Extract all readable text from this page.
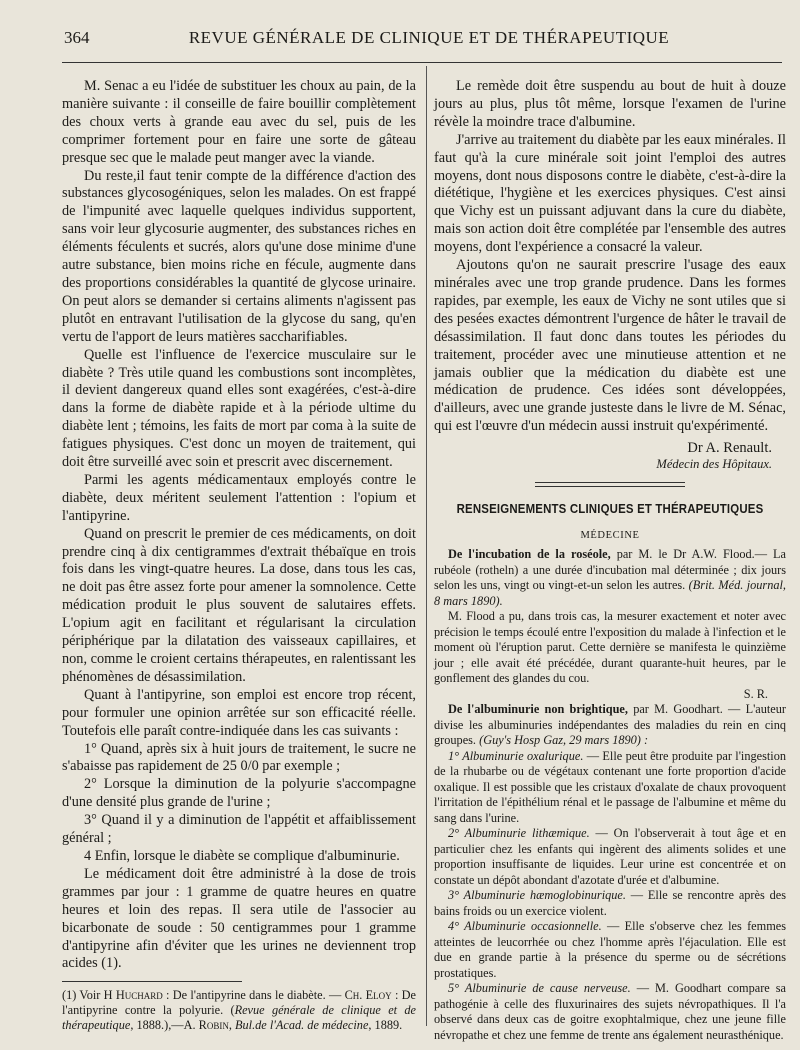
364	REVUE GÉNÉRALE DE CLINIQUE ET DE THÉRAPEUTIQUE

M. Senac a eu l'idée de substituer les choux au pain, de la manière suivante : il conseille de faire bouillir complètement des choux verts à grande eau avec du sel, puis de les comprimer fortement pour en faire une sorte de gâteau presque sec que le malade peut manger avec la viande.

Du reste,il faut tenir compte de la différence d'action des substances glycosogéniques, selon les malades. On est frappé de l'impunité avec laquelle quelques individus supportent, sans voir leur glycosurie augmenter, des substances riches en éléments féculents et sucrés, alors qu'une dose minime d'une autre substance, bien moins riche en fécule, augmente dans des proportions considérables la quantité de glycose urinaire. On peut alors se demander si certains aliments n'agissent pas plutôt en entravant l'utilisation de la glycose du sang, qu'en vertu de l'apport de leurs matières saccharifiables.

Quelle est l'influence de l'exercice musculaire sur le diabète ? Très utile quand les combustions sont incomplètes, il devient dangereux quand elles sont exagérées, c'est-à-dire dans la forme de diabète rapide et à la période ultime du diabète lent ; témoins, les faits de mort par coma à la suite de fatigues physiques. C'est donc un moyen de traitement, qui doit être surveillé avec soin et prescrit avec discernement.

Parmi les agents médicamentaux employés contre le diabète, deux méritent seulement l'attention : l'opium et l'antipyrine.

Quand on prescrit le premier de ces médicaments, on doit prendre cinq à dix centigrammes d'extrait thébaïque en trois fois dans les vingt-quatre heures. La dose, dans tous les cas, ne doit pas être assez forte pour amener la somnolence. Cette médication produit le plus souvent de salutaires effets. L'opium agit en facilitant et régularisant la circulation périphérique par la dilatation des vaisseaux capillaires, et non, comme le croient certains thérapeutes, en ralentissant les phénomènes de désassimilation.

Quant à l'antipyrine, son emploi est encore trop récent, pour formuler une opinion arrêtée sur son efficacité réelle. Toutefois elle paraît contre-indiquée dans les cas suivants :

1° Quand, après six à huit jours de traitement, le sucre ne s'abaisse pas rapidement de 25 0/0 par exemple ;

2° Lorsque la diminution de la polyurie s'accompagne d'une densité plus grande de l'urine ;

3° Quand il y a diminution de l'appétit et affaiblissement général ;

4 Enfin, lorsque le diabète se complique d'albuminurie.

Le médicament doit être administré à la dose de trois grammes par jour : 1 gramme de quatre heures en quatre heures et loin des repas. Il sera utile de l'associer au bicarbonate de soude : 50 centigrammes pour 1 gramme d'antipyrine afin d'éviter que les urines ne deviennent trop acides (1).

(1) Voir H Huchard : De l'antipyrine dans le diabète. — Ch. Eloy : De l'antipyrine contre la polyurie. (Revue générale de clinique et de thérapeutique, 1888.),—A. Robin, Bul.de l'Acad. de médecine, 1889.

Le remède doit être suspendu au bout de huit à douze jours au plus, plus tôt même, lorsque l'examen de l'urine révèle la moindre trace d'albumine.

J'arrive au traitement du diabète par les eaux minérales. Il faut qu'à la cure minérale soit joint l'emploi des autres moyens, dont nous disposons contre le diabète, c'est-à-dire la diététique, l'hygiène et les exercices physiques. C'est ainsi que Vichy est un puissant adjuvant dans la cure du diabète, mais son action doit être complétée par l'ensemble des autres moyens, dont l'expérience a consacré la valeur.

Ajoutons qu'on ne saurait prescrire l'usage des eaux minérales avec une trop grande prudence. Dans les formes rapides, par exemple, les eaux de Vichy ne sont utiles que si des pesées exactes démontrent l'urgence de hâter le travail de désassimilation. Il faut donc dans toutes les périodes du traitement, procéder avec une minutieuse attention et ne jamais oublier que la médication du diabète est une médication de prudence. Ces idées sont développées, d'ailleurs, avec une grande justeste dans le livre de M. Sénac, qui est l'œuvre d'un médecin aussi instruit qu'expérimenté.

Dr A. Renault.
Médecin des Hôpitaux.
RENSEIGNEMENTS CLINIQUES ET THÉRAPEUTIQUES
MÉDECINE

De l'incubation de la roséole, par M. le Dr A.W. Flood.— La rubéole (rotheln) a une durée d'incubation mal déterminée ; dix jours selon les uns, vingt ou vingt-et-un selon les autres. (Brit. Méd. journal, 8 mars 1890).

M. Flood a pu, dans trois cas, la mesurer exactement et noter avec précision le temps écoulé entre l'exposition du malade à l'infection et le moment où l'éruption parut. Cette dernière se manifesta le quinzième jour ; elle avait été précédée, durant quarante-huit heures, par le gonflement des glandes du cou.

S. R.

De l'albuminurie non brightique, par M. Goodhart. — L'auteur divise les albuminuries indépendantes des maladies du rein en cinq groupes. (Guy's Hosp Gaz, 29 mars 1890) :

1° Albuminurie oxalurique. — Elle peut être produite par l'ingestion de la rhubarbe ou de végétaux contenant une forte proportion d'acide oxalique. Il est possible que les cristaux d'oxalate de chaux provoquent l'irritation de l'épithélium rénal et le passage de l'albumine et même du sang dans l'urine.

2° Albuminurie lithæmique. — On l'observerait à tout âge et en particulier chez les enfants qui ingèrent des aliments solides et une proportion insuffisante de liquides. Leur urine est concentrée et on constate un dépôt abondant d'azotate d'urée et d'albumine.

3° Albuminurie hæmoglobinurique. — Elle se rencontre après des bains froids ou un exercice violent.

4° Albuminurie occasionnelle. — Elle s'observe chez les femmes atteintes de leucorrhée ou chez l'homme après l'éjaculation. Elle est due en grande partie à la présence du sperme ou de sécrétions prostatiques.

5° Albuminurie de cause nerveuse. — M. Goodhart compare sa pathogénie à celle des fluxurinaires des sujets névropathiques. Il l'a observé dans deux cas de goitre exophtalmique, chez une jeune fille névropathe et chez une femme de trente ans également neurasthénique.
